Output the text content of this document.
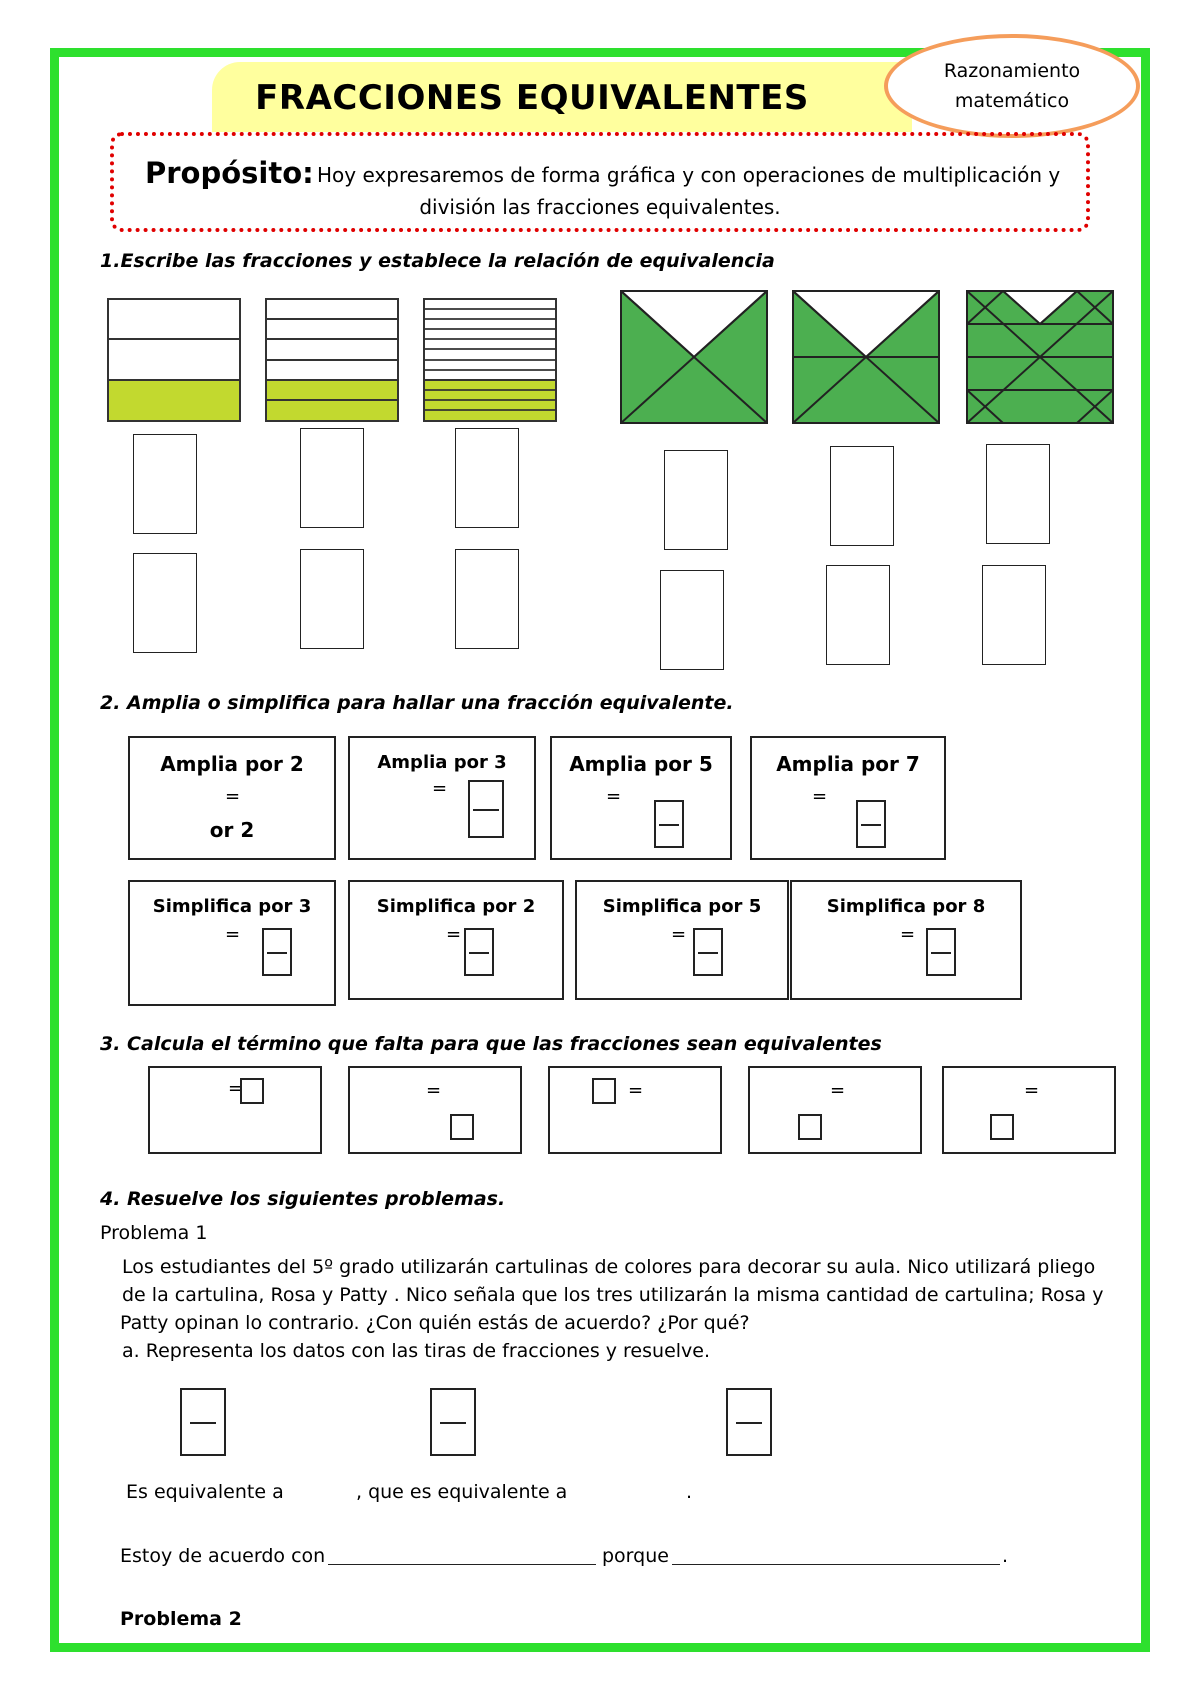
FRACCIONES EQUIVALENTES
Razonamiento
matemático
Propósito: Hoy expresaremos de forma gráfica y con operaciones de multiplicación y
división las fracciones equivalentes.
1.Escribe las fracciones y establece la relación de equivalencia
2. Amplia o simplifica para hallar una fracción equivalente.
Amplia por 2
=
or 2
Amplia por 3
=
Amplia por 5
=
Amplia por 7
=
Simplifica por 3
=
Simplifica por 2
=
Simplifica por 5
=
Simplifica por 8
=
3. Calcula el término que falta para que las fracciones sean equivalentes
=	=	=	=	=
4. Resuelve los siguientes problemas.
Problema 1
Los estudiantes del 5º grado utilizarán cartulinas de colores para decorar su aula. Nico utilizará pliego
de la cartulina, Rosa y Patty . Nico señala que los tres utilizarán la misma cantidad de cartulina; Rosa y
Patty opinan lo contrario. ¿Con quién estás de acuerdo? ¿Por qué?
a. Representa los datos con las tiras de fracciones y resuelve.
Es equivalente a	, que es equivalente a	.
Estoy de acuerdo con	porque	.
Problema 2
